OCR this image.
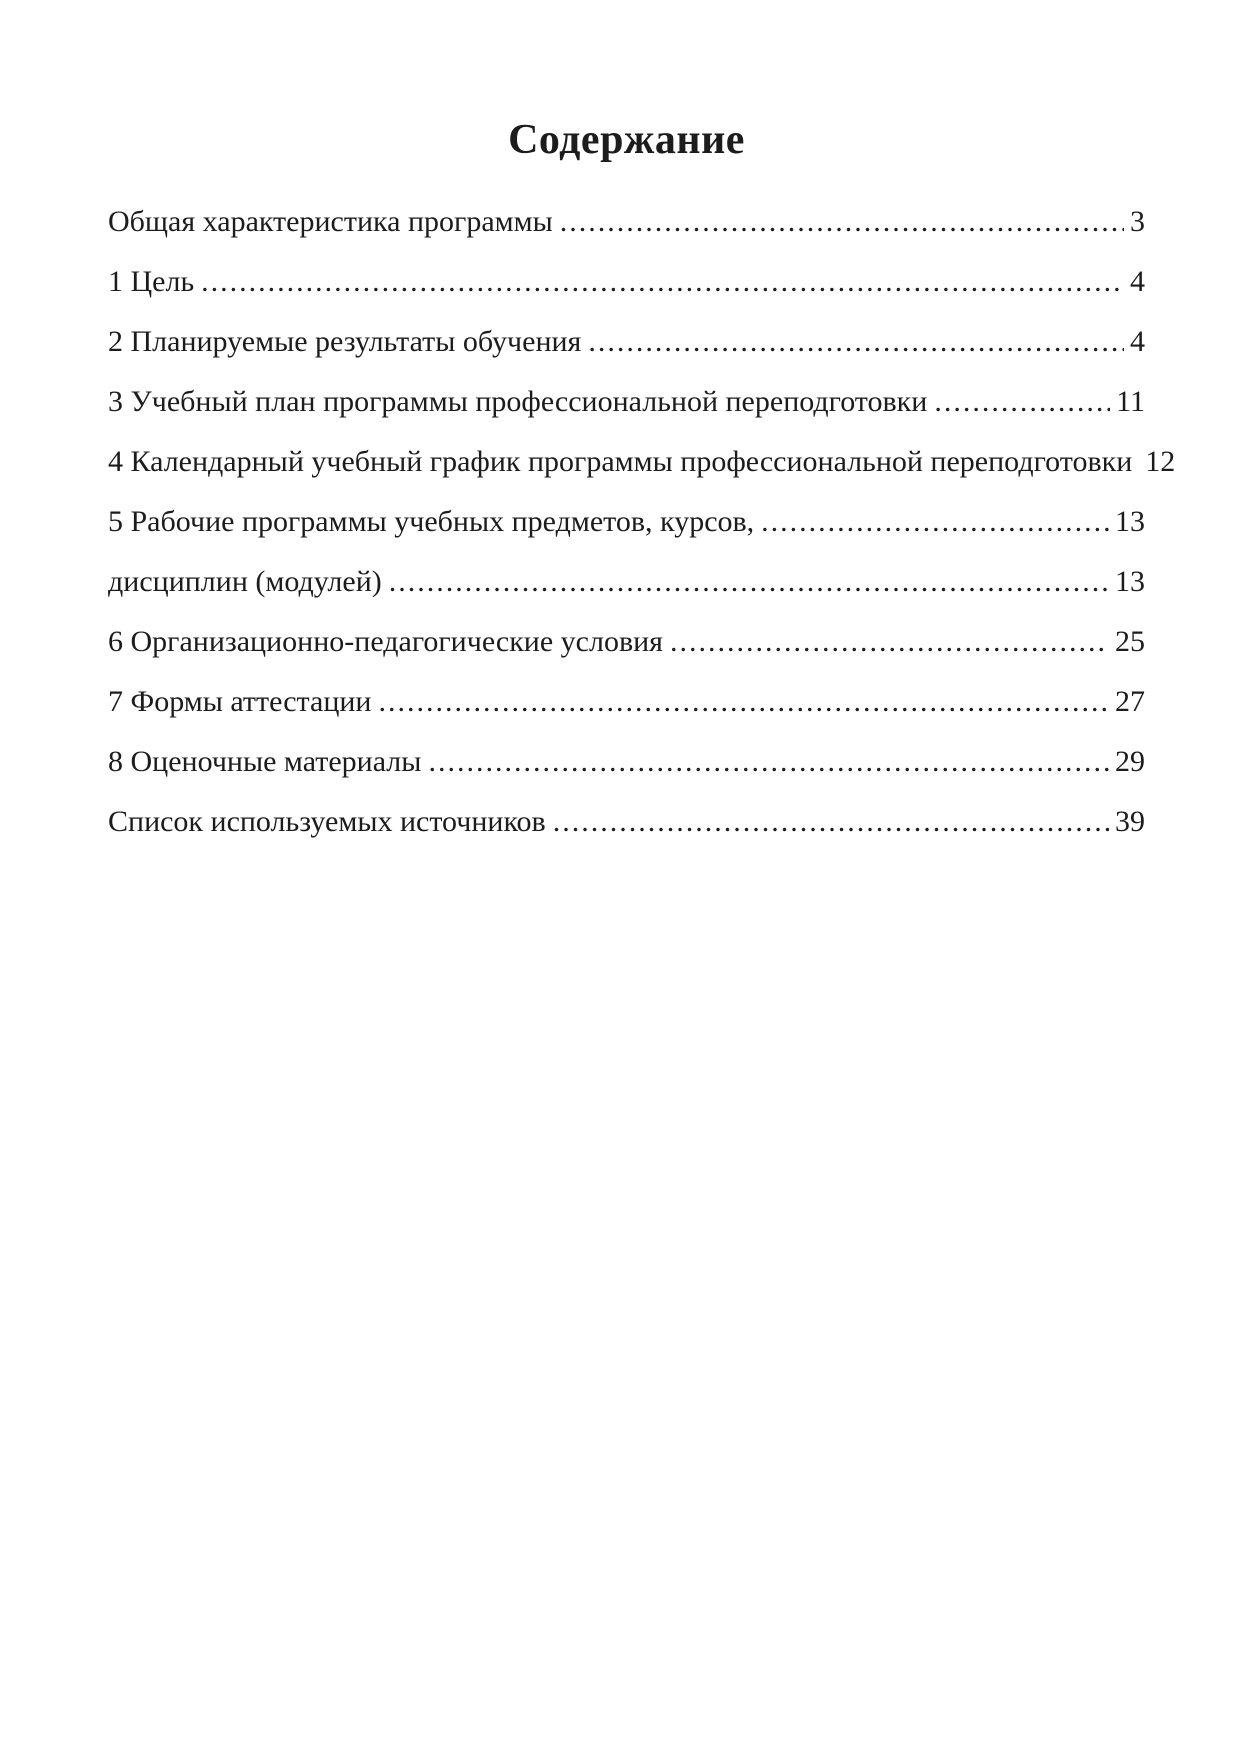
Содержание
Общая характеристика программы .....	3
1 Цель .....	4
2 Планируемые результаты обучения .....	4
3 Учебный план программы профессиональной переподготовки .....	11
4 Календарный учебный график программы профессиональной переподготовки 12
5 Рабочие программы учебных предметов, курсов, .....	13
дисциплин (модулей) .....	13
6 Организационно-педагогические условия .....	25
7 Формы аттестации .....	27
8 Оценочные материалы .....	29
Список используемых источников .....	39
